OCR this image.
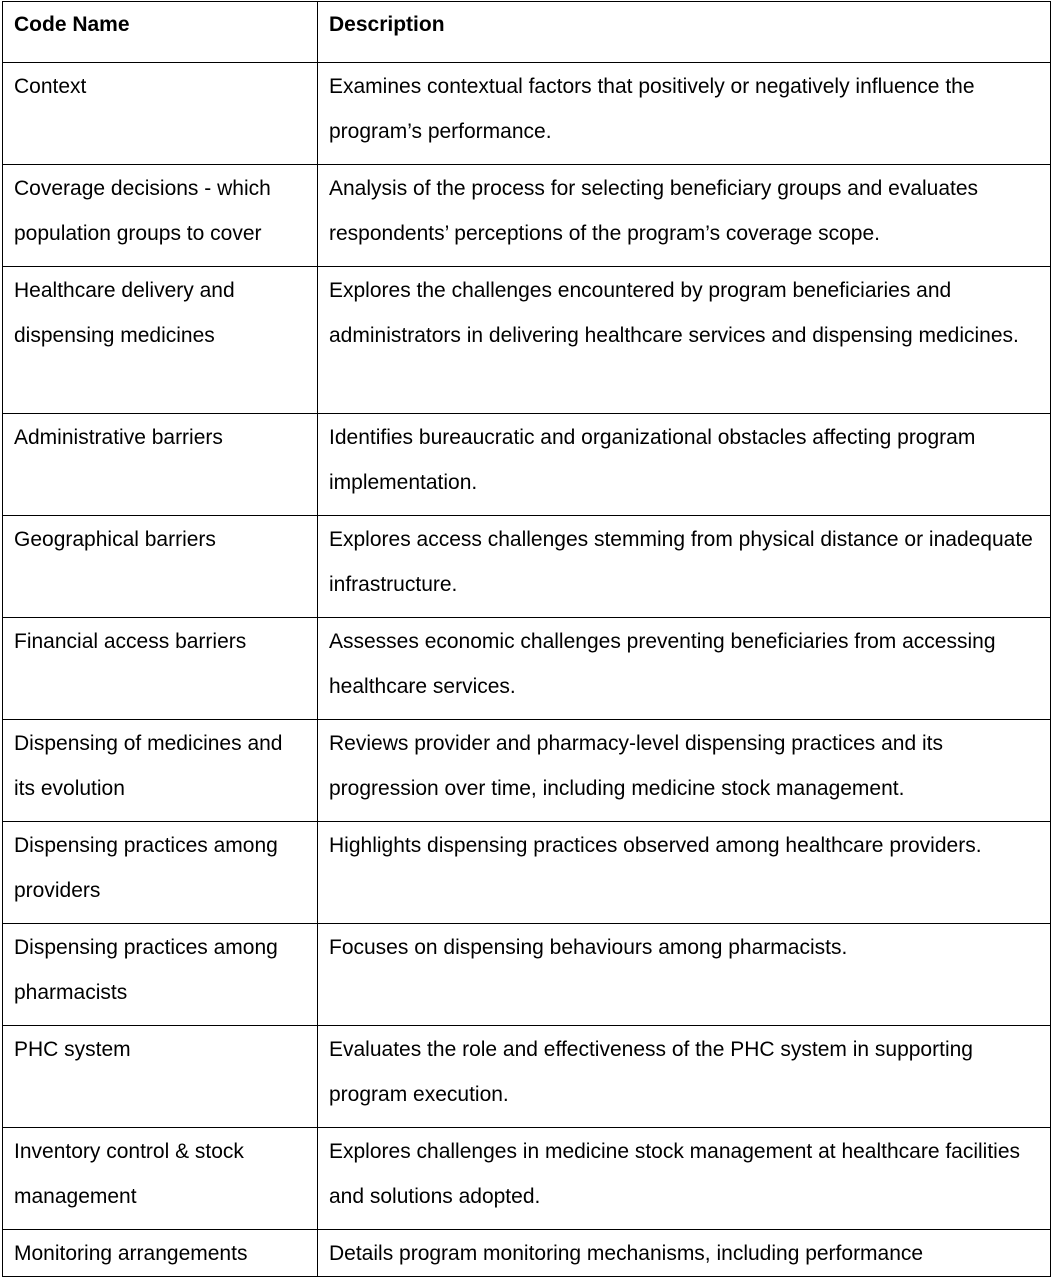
Code Name	Description
Context	Examines contextual factors that positively or negatively influence the program’s performance.
Coverage decisions - which population groups to cover	Analysis of the process for selecting beneficiary groups and evaluates respondents’ perceptions of the program’s coverage scope.
Healthcare delivery and dispensing medicines	Explores the challenges encountered by program beneficiaries and administrators in delivering healthcare services and dispensing medicines.
Administrative barriers	Identifies bureaucratic and organizational obstacles affecting program implementation.
Geographical barriers	Explores access challenges stemming from physical distance or inadequate infrastructure.
Financial access barriers	Assesses economic challenges preventing beneficiaries from accessing healthcare services.
Dispensing of medicines and its evolution	Reviews provider and pharmacy-level dispensing practices and its progression over time, including medicine stock management.
Dispensing practices among providers	Highlights dispensing practices observed among healthcare providers.
Dispensing practices among pharmacists	Focuses on dispensing behaviours among pharmacists.
PHC system	Evaluates the role and effectiveness of the PHC system in supporting program execution.
Inventory control & stock management	Explores challenges in medicine stock management at healthcare facilities and solutions adopted.
Monitoring arrangements	Details program monitoring mechanisms, including performance
